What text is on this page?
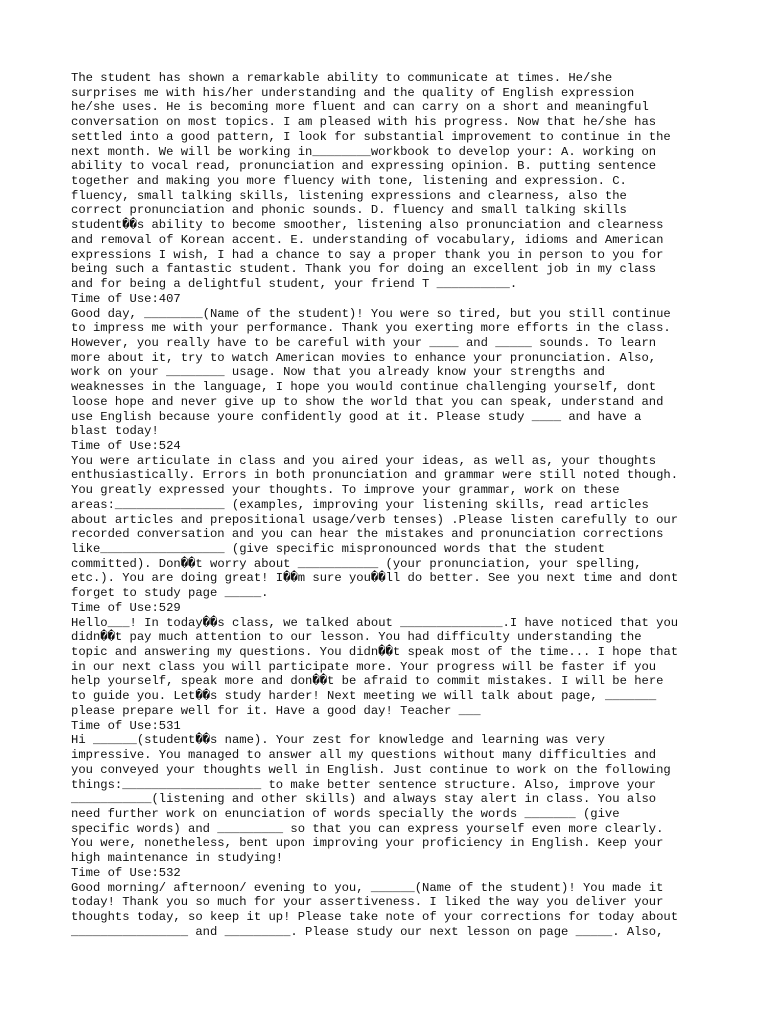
The student has shown a remarkable ability to communicate at times. He/she
surprises me with his/her understanding and the quality of English expression
he/she uses. He is becoming more fluent and can carry on a short and meaningful
conversation on most topics. I am pleased with his progress. Now that he/she has
settled into a good pattern, I look for substantial improvement to continue in the
next month. We will be working in________workbook to develop your: A. working on
ability to vocal read, pronunciation and expressing opinion. B. putting sentence
together and making you more fluency with tone, listening and expression. C.
fluency, small talking skills, listening expressions and clearness, also the
correct pronunciation and phonic sounds. D. fluency and small talking skills
student��s ability to become smoother, listening also pronunciation and clearness
and removal of Korean accent. E. understanding of vocabulary, idioms and American
expressions I wish, I had a chance to say a proper thank you in person to you for
being such a fantastic student. Thank you for doing an excellent job in my class
and for being a delightful student, your friend T __________.
Time of Use:407
Good day, ________(Name of the student)! You were so tired, but you still continue
to impress me with your performance. Thank you exerting more efforts in the class.
However, you really have to be careful with your ____ and _____ sounds. To learn
more about it, try to watch American movies to enhance your pronunciation. Also,
work on your ________ usage. Now that you already know your strengths and
weaknesses in the language, I hope you would continue challenging yourself, dont
loose hope and never give up to show the world that you can speak, understand and
use English because youre confidently good at it. Please study ____ and have a
blast today!
Time of Use:524
You were articulate in class and you aired your ideas, as well as, your thoughts
enthusiastically. Errors in both pronunciation and grammar were still noted though.
You greatly expressed your thoughts. To improve your grammar, work on these
areas:_______________ (examples, improving your listening skills, read articles
about articles and prepositional usage/verb tenses) .Please listen carefully to our
recorded conversation and you can hear the mistakes and pronunciation corrections
like_________________ (give specific mispronounced words that the student
committed). Don��t worry about ___________ (your pronunciation, your spelling,
etc.). You are doing great! I��m sure you��ll do better. See you next time and dont
forget to study page _____.
Time of Use:529
Hello___! In today��s class, we talked about ______________.I have noticed that you
didn��t pay much attention to our lesson. You had difficulty understanding the
topic and answering my questions. You didn��t speak most of the time... I hope that
in our next class you will participate more. Your progress will be faster if you
help yourself, speak more and don��t be afraid to commit mistakes. I will be here
to guide you. Let��s study harder! Next meeting we will talk about page, _______
please prepare well for it. Have a good day! Teacher ___
Time of Use:531
Hi ______(student��s name). Your zest for knowledge and learning was very
impressive. You managed to answer all my questions without many difficulties and
you conveyed your thoughts well in English. Just continue to work on the following
things:___________________ to make better sentence structure. Also, improve your
___________(listening and other skills) and always stay alert in class. You also
need further work on enunciation of words specially the words _______ (give
specific words) and _________ so that you can express yourself even more clearly.
You were, nonetheless, bent upon improving your proficiency in English. Keep your
high maintenance in studying!
Time of Use:532
Good morning/ afternoon/ evening to you, ______(Name of the student)! You made it
today! Thank you so much for your assertiveness. I liked the way you deliver your
thoughts today, so keep it up! Please take note of your corrections for today about
________________ and _________. Please study our next lesson on page _____. Also,
